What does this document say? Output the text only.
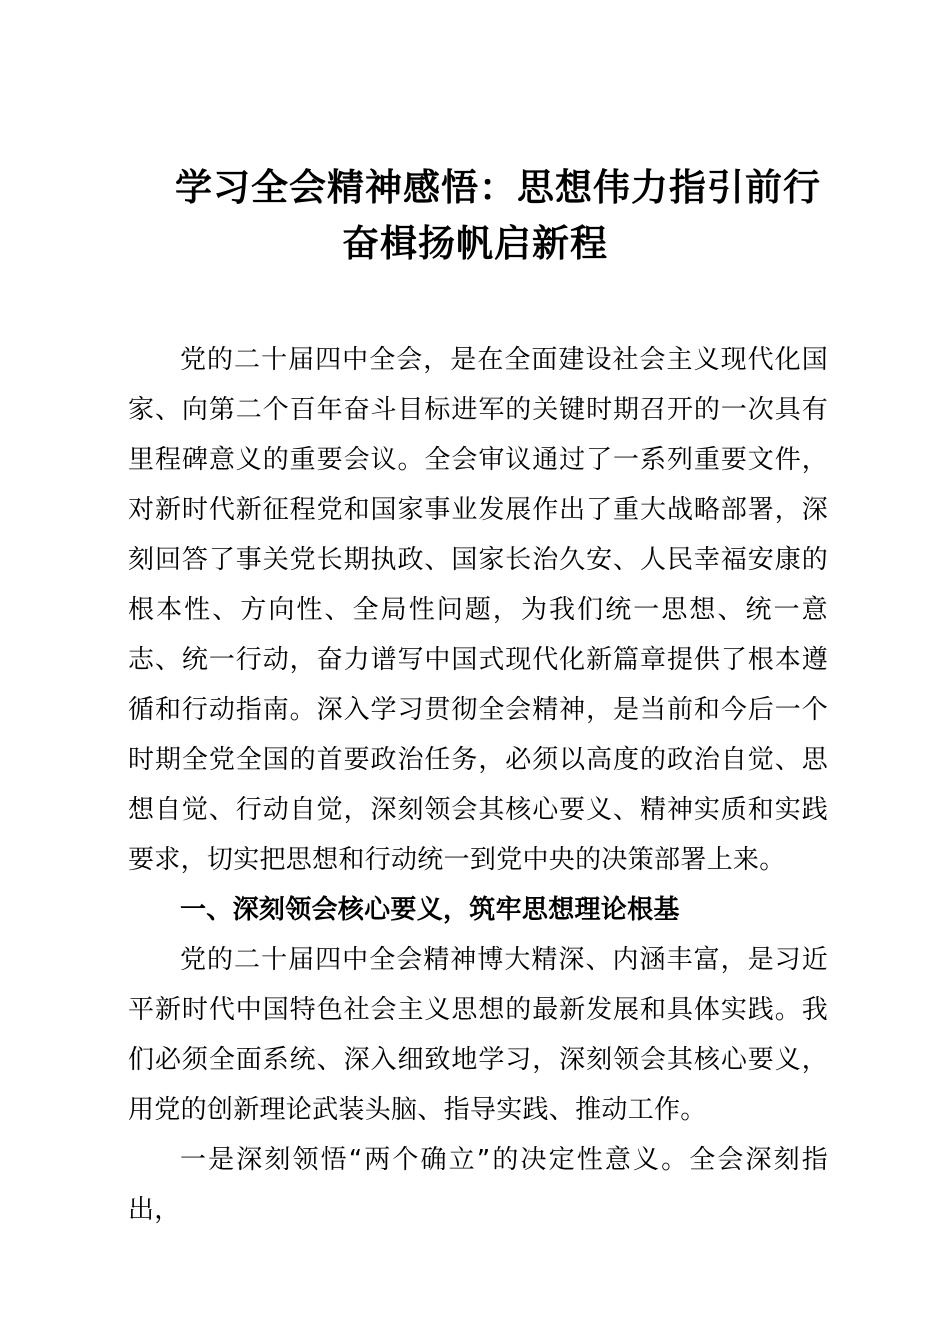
学习全会精神感悟：思想伟力指引前行
奋楫扬帆启新程

党的二十届四中全会，是在全面建设社会主义现代化国家、向第二个百年奋斗目标进军的关键时期召开的一次具有里程碑意义的重要会议。全会审议通过了一系列重要文件，对新时代新征程党和国家事业发展作出了重大战略部署，深刻回答了事关党长期执政、国家长治久安、人民幸福安康的根本性、方向性、全局性问题，为我们统一思想、统一意志、统一行动，奋力谱写中国式现代化新篇章提供了根本遵循和行动指南。深入学习贯彻全会精神，是当前和今后一个时期全党全国的首要政治任务，必须以高度的政治自觉、思想自觉、行动自觉，深刻领会其核心要义、精神实质和实践要求，切实把思想和行动统一到党中央的决策部署上来。

一、深刻领会核心要义，筑牢思想理论根基

党的二十届四中全会精神博大精深、内涵丰富，是习近平新时代中国特色社会主义思想的最新发展和具体实践。我们必须全面系统、深入细致地学习，深刻领会其核心要义，用党的创新理论武装头脑、指导实践、推动工作。

一是深刻领悟“两个确立”的决定性意义。全会深刻指出，
